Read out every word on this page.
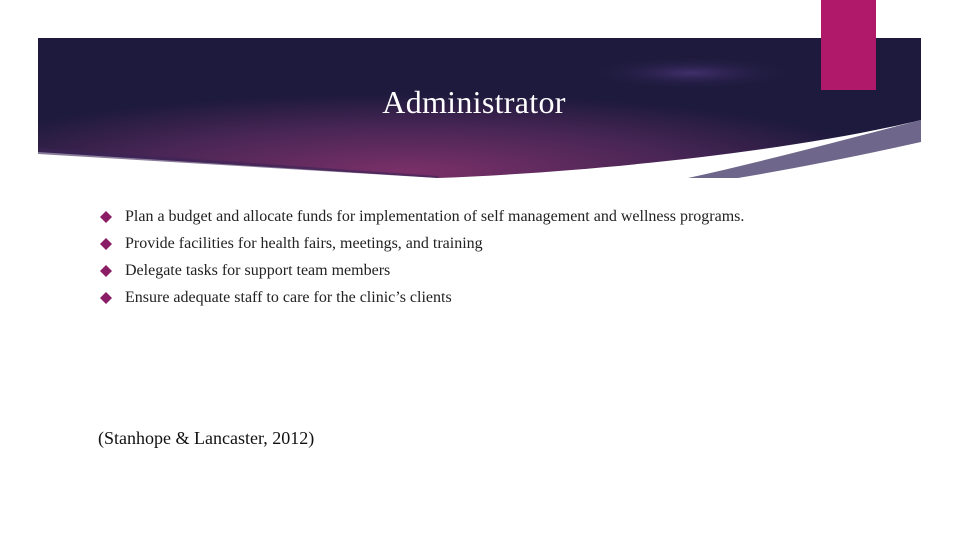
Administrator
Plan a budget and allocate funds for implementation of self management and wellness programs.
Provide facilities for health fairs, meetings, and training
Delegate tasks for support team members
Ensure adequate staff to care for the clinic’s clients
(Stanhope & Lancaster, 2012)
